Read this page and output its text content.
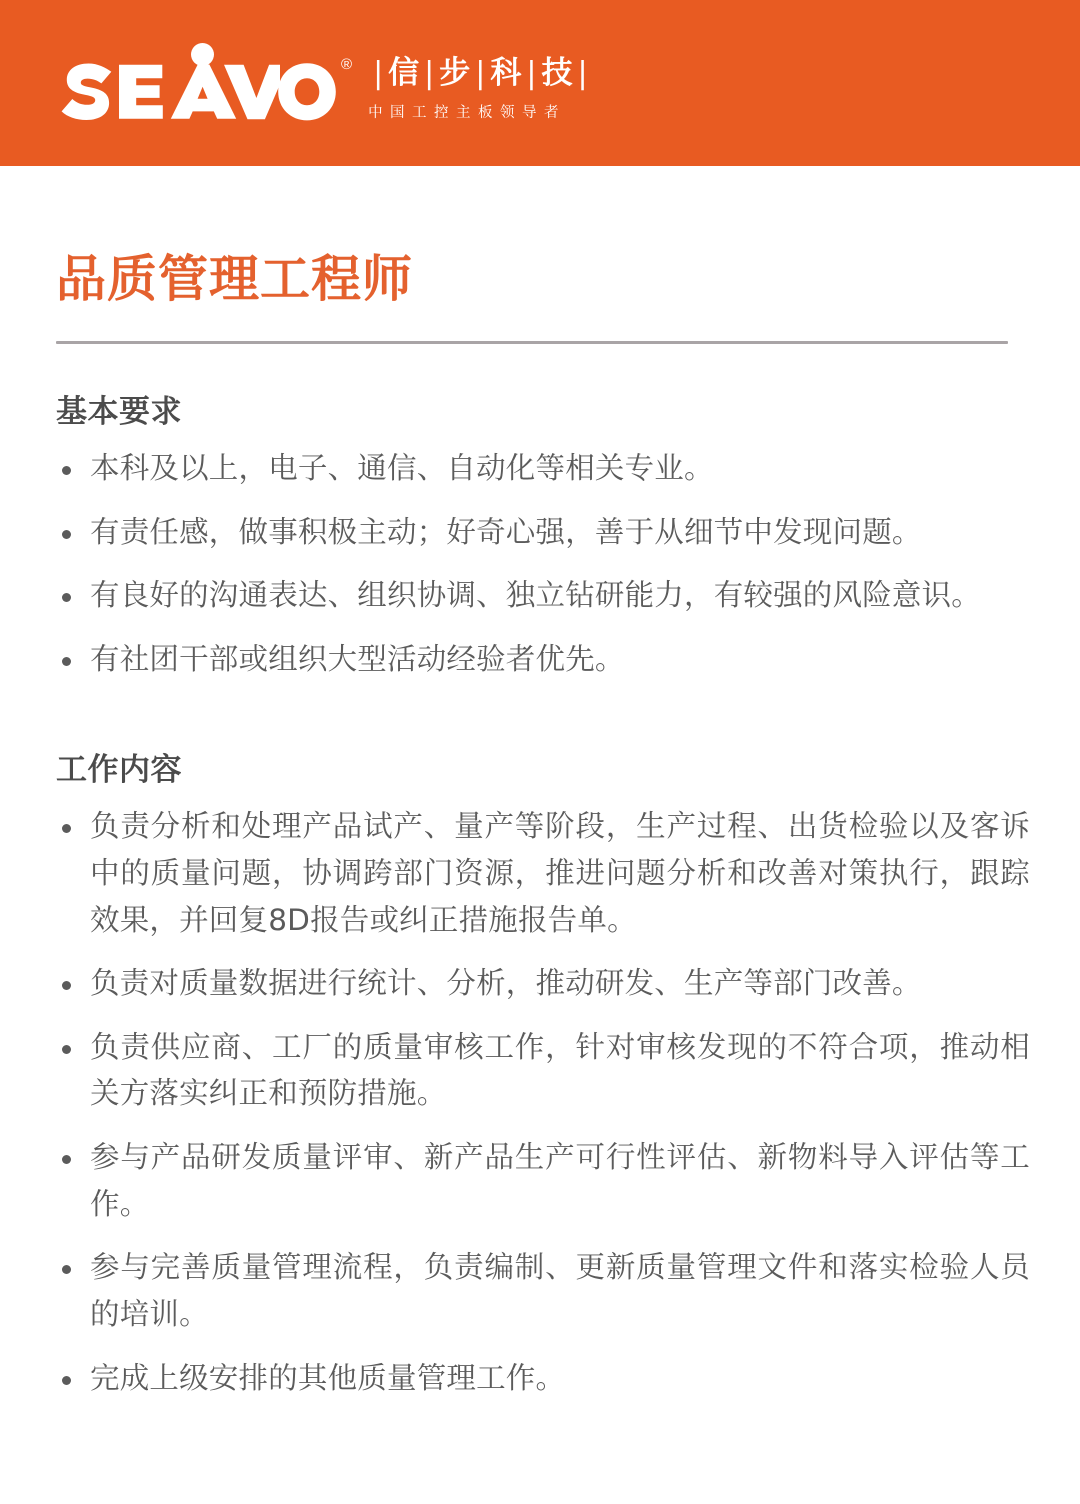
® | 信 | 步 | 科 | 技 |
中国工控主板领导者
品质管理工程师
基本要求
本科及以上，电子、通信、自动化等相关专业。
有责任感，做事积极主动；好奇心强，善于从细节中发现问题。
有良好的沟通表达、组织协调、独立钻研能力，有较强的风险意识。
有社团干部或组织大型活动经验者优先。
工作内容
负责分析和处理产品试产、量产等阶段，生产过程、出货检验以及客诉中的质量问题，协调跨部门资源，推进问题分析和改善对策执行，跟踪效果，并回复8D报告或纠正措施报告单。
负责对质量数据进行统计、分析，推动研发、生产等部门改善。
负责供应商、工厂的质量审核工作，针对审核发现的不符合项，推动相关方落实纠正和预防措施。
参与产品研发质量评审、新产品生产可行性评估、新物料导入评估等工作。
参与完善质量管理流程，负责编制、更新质量管理文件和落实检验人员的培训。
完成上级安排的其他质量管理工作。
